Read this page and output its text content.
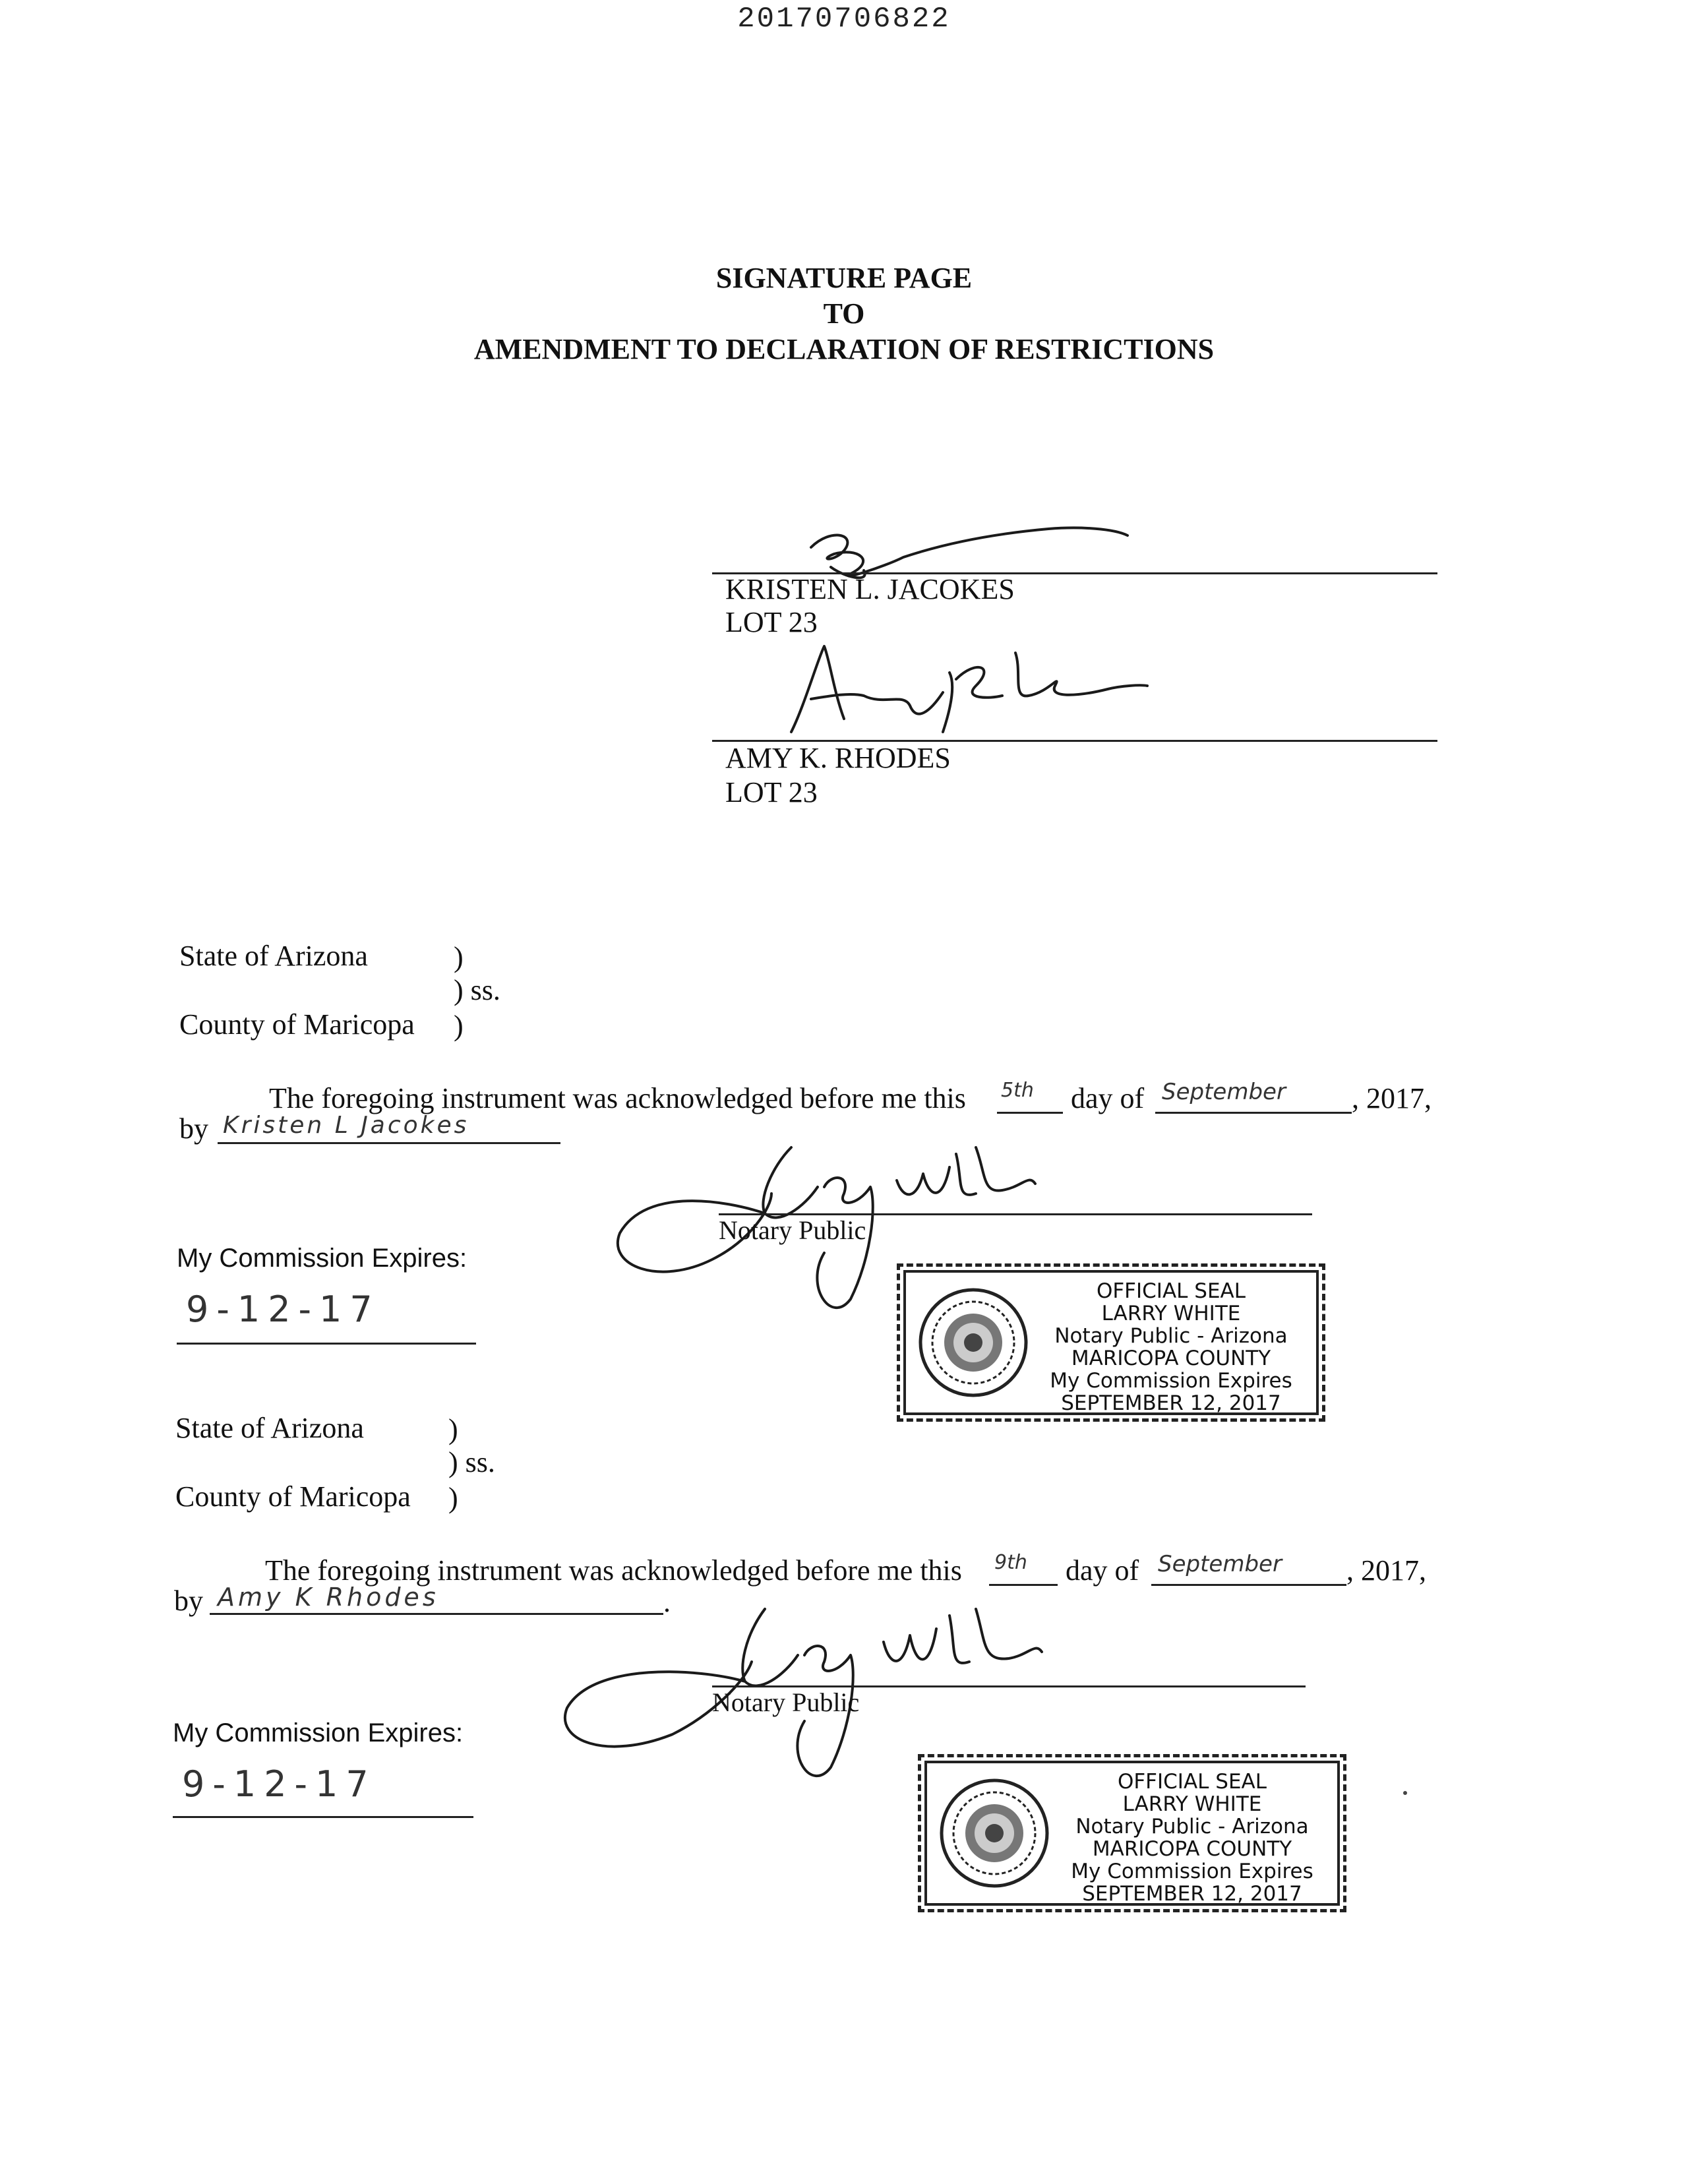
20170706822
SIGNATURE PAGE
TO
AMENDMENT TO DECLARATION OF RESTRICTIONS
KRISTEN L. JACOKES
LOT 23
AMY K. RHODES
LOT 23
State of Arizona	)
) ss.
County of Maricopa )
The foregoing instrument was acknowledged before me this 5th day of September , 2017,
by Kristen L Jacokes
Notary Public
My Commission Expires:
9-12-17	OFFICIAL SEAL
LARRY WHITE
Notary Public - Arizona
MARICOPA COUNTY
My Commission Expires
SEPTEMBER 12, 2017
State of Arizona	)
) ss.
County of Maricopa )
The foregoing instrument was acknowledged before me this 9th day of September , 2017,
by Amy K Rhodes	.
Notary Public
My Commission Expires:
9-12-17	OFFICIAL SEAL
LARRY WHITE
Notary Public - Arizona
MARICOPA COUNTY
My Commission Expires
SEPTEMBER 12, 2017
